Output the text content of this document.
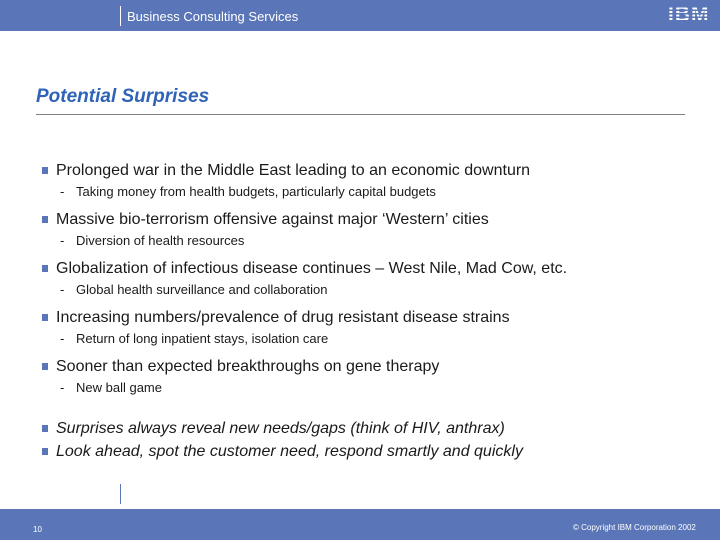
Business Consulting Services	IBM
Potential Surprises
Prolonged war in the Middle East leading to an economic downturn
- Taking money from health budgets, particularly capital budgets
Massive bio-terrorism offensive against major ‘Western’ cities
- Diversion of health resources
Globalization of infectious disease continues – West Nile, Mad Cow, etc.
- Global health surveillance and collaboration
Increasing numbers/prevalence of drug resistant disease strains
- Return of long inpatient stays, isolation care
Sooner than expected breakthroughs on gene therapy
- New ball game
Surprises always reveal new needs/gaps (think of HIV, anthrax)
Look ahead, spot the customer need, respond smartly and quickly
10	© Copyright IBM Corporation 2002
